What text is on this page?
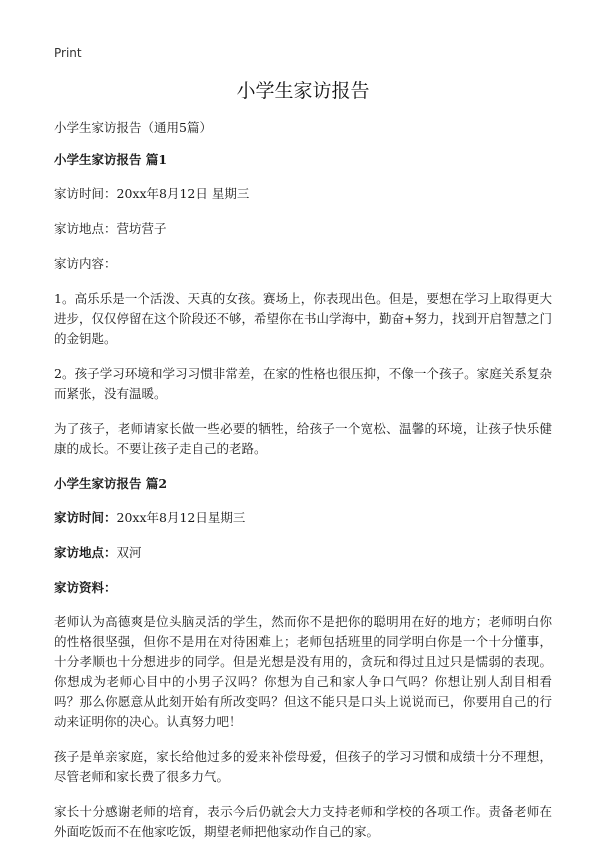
Print
小学生家访报告

小学生家访报告（通用5篇）

小学生家访报告 篇1

家访时间：20xx年8月12日 星期三

家访地点：营坊营子

家访内容：

1。高乐乐是一个活泼、天真的女孩。赛场上，你表现出色。但是，要想在学习上取得更大进步，仅仅停留在这个阶段还不够，希望你在书山学海中，勤奋+努力，找到开启智慧之门的金钥匙。

2。孩子学习环境和学习习惯非常差，在家的性格也很压抑，不像一个孩子。家庭关系复杂而紧张，没有温暖。

为了孩子，老师请家长做一些必要的牺牲，给孩子一个宽松、温馨的环境，让孩子快乐健康的成长。不要让孩子走自己的老路。

小学生家访报告 篇2

家访时间：20xx年8月12日星期三

家访地点：双河

家访资料：

老师认为高德爽是位头脑灵活的学生，然而你不是把你的聪明用在好的地方；老师明白你的性格很坚强，但你不是用在对待困难上；老师包括班里的同学明白你是一个十分懂事，十分孝顺也十分想进步的同学。但是光想是没有用的，贪玩和得过且过只是懦弱的表现。你想成为老师心目中的小男子汉吗？你想为自己和家人争口气吗？你想让别人刮目相看吗？那么你愿意从此刻开始有所改变吗？但这不能只是口头上说说而已，你要用自己的行动来证明你的决心。认真努力吧！

孩子是单亲家庭，家长给他过多的爱来补偿母爱，但孩子的学习习惯和成绩十分不理想，尽管老师和家长费了很多力气。

家长十分感谢老师的培育，表示今后仍就会大力支持老师和学校的各项工作。责备老师在外面吃饭而不在他家吃饭，期望老师把他家动作自己的家。
